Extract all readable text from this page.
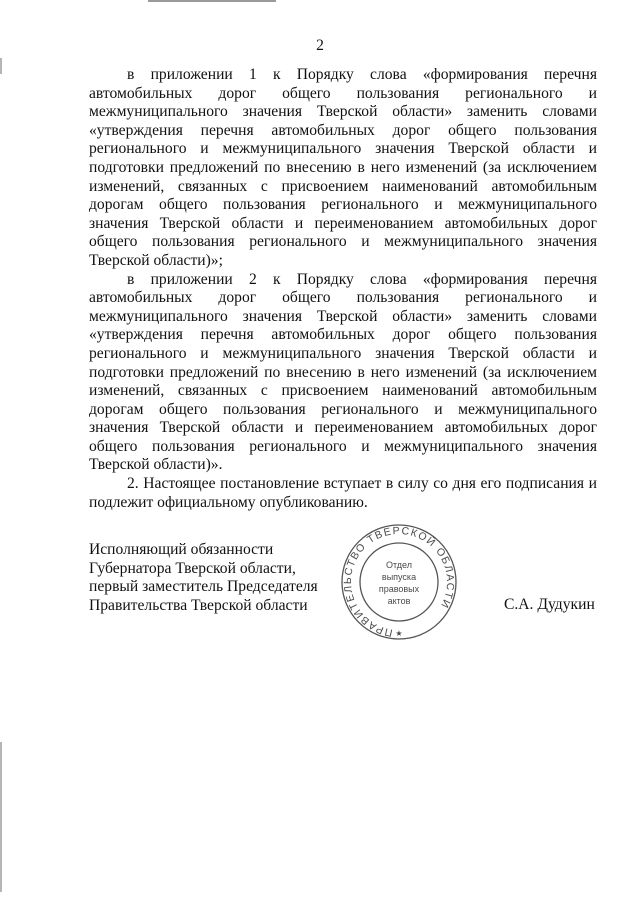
2

в приложении 1 к Порядку слова «формирования перечня автомобильных дорог общего пользования регионального и межмуниципального значения Тверской области» заменить словами «утверждения перечня автомобильных дорог общего пользования регионального и межмуниципального значения Тверской области и подготовки предложений по внесению в него изменений (за исключением изменений, связанных с присвоением наименований автомобильным дорогам общего пользования регионального и межмуниципального значения Тверской области и переименованием автомобильных дорог общего пользования регионального и межмуниципального значения Тверской области)»;

в приложении 2 к Порядку слова «формирования перечня автомобильных дорог общего пользования регионального и межмуниципального значения Тверской области» заменить словами «утверждения перечня автомобильных дорог общего пользования регионального и межмуниципального значения Тверской области и подготовки предложений по внесению в него изменений (за исключением изменений, связанных с присвоением наименований автомобильным дорогам общего пользования регионального и межмуниципального значения Тверской области и переименованием автомобильных дорог общего пользования регионального и межмуниципального значения Тверской области)».

2. Настоящее постановление вступает в силу со дня его подписания и подлежит официальному опубликованию.

Исполняющий обязанности
Губернатора Тверской области,
первый заместитель Председателя
Правительства Тверской области
ПРАВИТЕЛЬСТВО ТВЕРСКОЙ ОБЛАСТИ
Отдел
выпуска
правовых
актов
★
С.А. Дудукин
